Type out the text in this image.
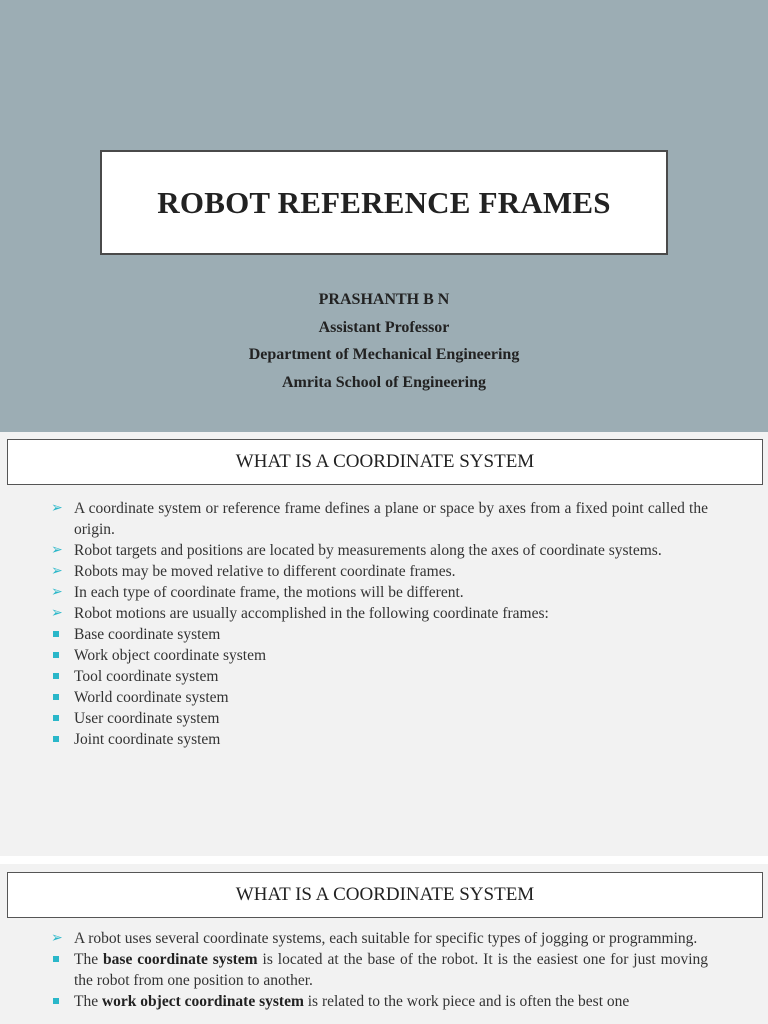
ROBOT REFERENCE FRAMES
PRASHANTH B N
Assistant Professor
Department of Mechanical Engineering
Amrita School of Engineering
WHAT IS A COORDINATE SYSTEM
➢ A coordinate system or reference frame defines a plane or space by axes from a fixed point called the origin.
➢ Robot targets and positions are located by measurements along the axes of coordinate systems.
➢ Robots may be moved relative to different coordinate frames.
➢ In each type of coordinate frame, the motions will be different.
➢ Robot motions are usually accomplished in the following coordinate frames:
Base coordinate system
Work object coordinate system
Tool coordinate system
World coordinate system
User coordinate system
Joint coordinate system
WHAT IS A COORDINATE SYSTEM
➢ A robot uses several coordinate systems, each suitable for specific types of jogging or programming.
The base coordinate system is located at the base of the robot. It is the easiest one for just moving the robot from one position to another.
The work object coordinate system is related to the work piece and is often the best one
